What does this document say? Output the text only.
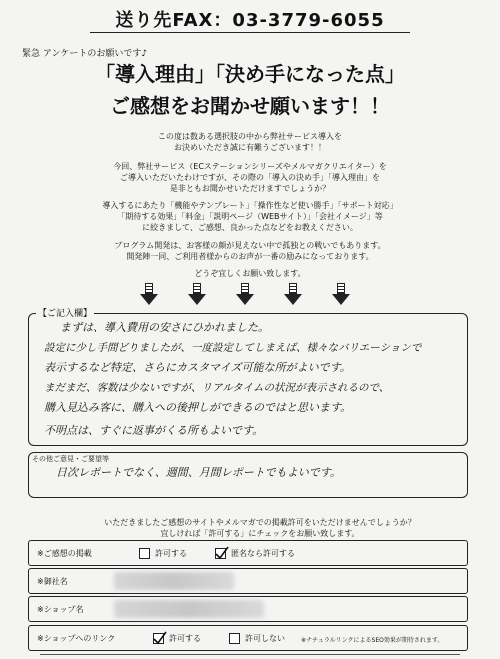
送り先FAX：03-3779-6055
緊急 アンケートのお願いです♪
「導入理由」「決め手になった点」
ご感想をお聞かせ願います！！
この度は数ある選択肢の中から弊社サービス導入を
お決めいただき誠に有難うございます！！
今回、弊社サービス（ECステーションシリーズやメルマガクリエイター）を
ご導入いただいたわけですが、その際の「導入の決め手」「導入理由」を
是非ともお聞かせいただけますでしょうか？
導入するにあたり「機能やテンプレート」「操作性など使い勝手」「サポート対応」
「期待する効果」「料金」「説明ページ（WEBサイト）」「会社イメージ」等
に絞きまして、ご感想、良かった点などをお教えください。
プログラム開発は、お客様の顔が見えない中で孤独との戦いでもあります。
開発陣一同、ご利用者様からのお声が一番の励みになっております。
どうぞ宜しくお願い致します。
【ご記入欄】
まずは、導入費用の安さにひかれました。
設定に少し手間どりましたが、一度設定してしまえば、様々なバリエーションで
表示するなど特定、さらにカスタマイズ可能な所がよいです。
まだまだ、客数は少ないですが、リアルタイムの状況が表示されるので、
購入見込み客に、購入への後押しができるのではと思います。
不明点は、すぐに返事がくる所もよいです。
その他ご意見・ご要望等
日次レポートでなく、週間、月間レポートでもよいです。
いただきましたご感想のサイトやメルマガでの掲載許可をいただけませんでしょうか？
宜しければ「許可する」にチェックをお願い致します。
※ご感想の掲載	許可する	匿名なら許可する
※御社名
※ショップ名
※ショップへのリンク	許可する	許可しない	※ナチュラルリンクによるSEO効果が期待されます。
